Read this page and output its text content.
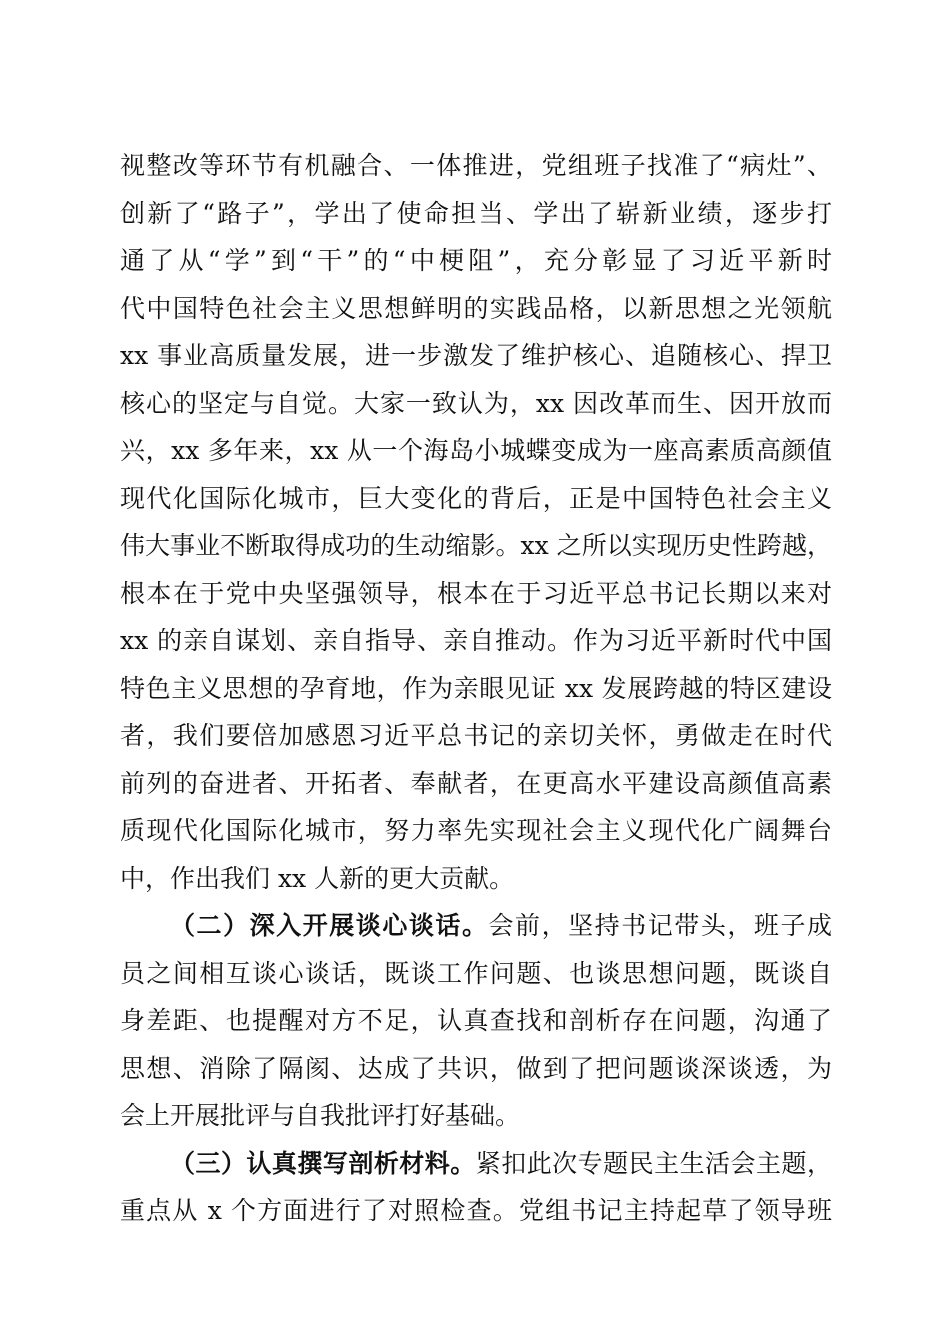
视整改等环节有机融合、一体推进，党组班子找准了“病灶”、
创新了“路子”，学出了使命担当、学出了崭新业绩，逐步打
通了从“学”到“干”的“中梗阻”，充分彰显了习近平新时
代中国特色社会主义思想鲜明的实践品格，以新思想之光领航
xx 事业高质量发展，进一步激发了维护核心、追随核心、捍卫
核心的坚定与自觉。大家一致认为，xx 因改革而生、因开放而
兴，xx 多年来，xx 从一个海岛小城蝶变成为一座高素质高颜值
现代化国际化城市，巨大变化的背后，正是中国特色社会主义
伟大事业不断取得成功的生动缩影。xx 之所以实现历史性跨越，
根本在于党中央坚强领导，根本在于习近平总书记长期以来对
xx 的亲自谋划、亲自指导、亲自推动。作为习近平新时代中国
特色主义思想的孕育地，作为亲眼见证 xx 发展跨越的特区建设
者，我们要倍加感恩习近平总书记的亲切关怀，勇做走在时代
前列的奋进者、开拓者、奉献者，在更高水平建设高颜值高素
质现代化国际化城市，努力率先实现社会主义现代化广阔舞台
中，作出我们 xx 人新的更大贡献。
（二）深入开展谈心谈话。会前，坚持书记带头，班子成
员之间相互谈心谈话，既谈工作问题、也谈思想问题，既谈自
身差距、也提醒对方不足，认真查找和剖析存在问题，沟通了
思想、消除了隔阂、达成了共识，做到了把问题谈深谈透，为
会上开展批评与自我批评打好基础。
（三）认真撰写剖析材料。紧扣此次专题民主生活会主题，
重点从 x 个方面进行了对照检查。党组书记主持起草了领导班
